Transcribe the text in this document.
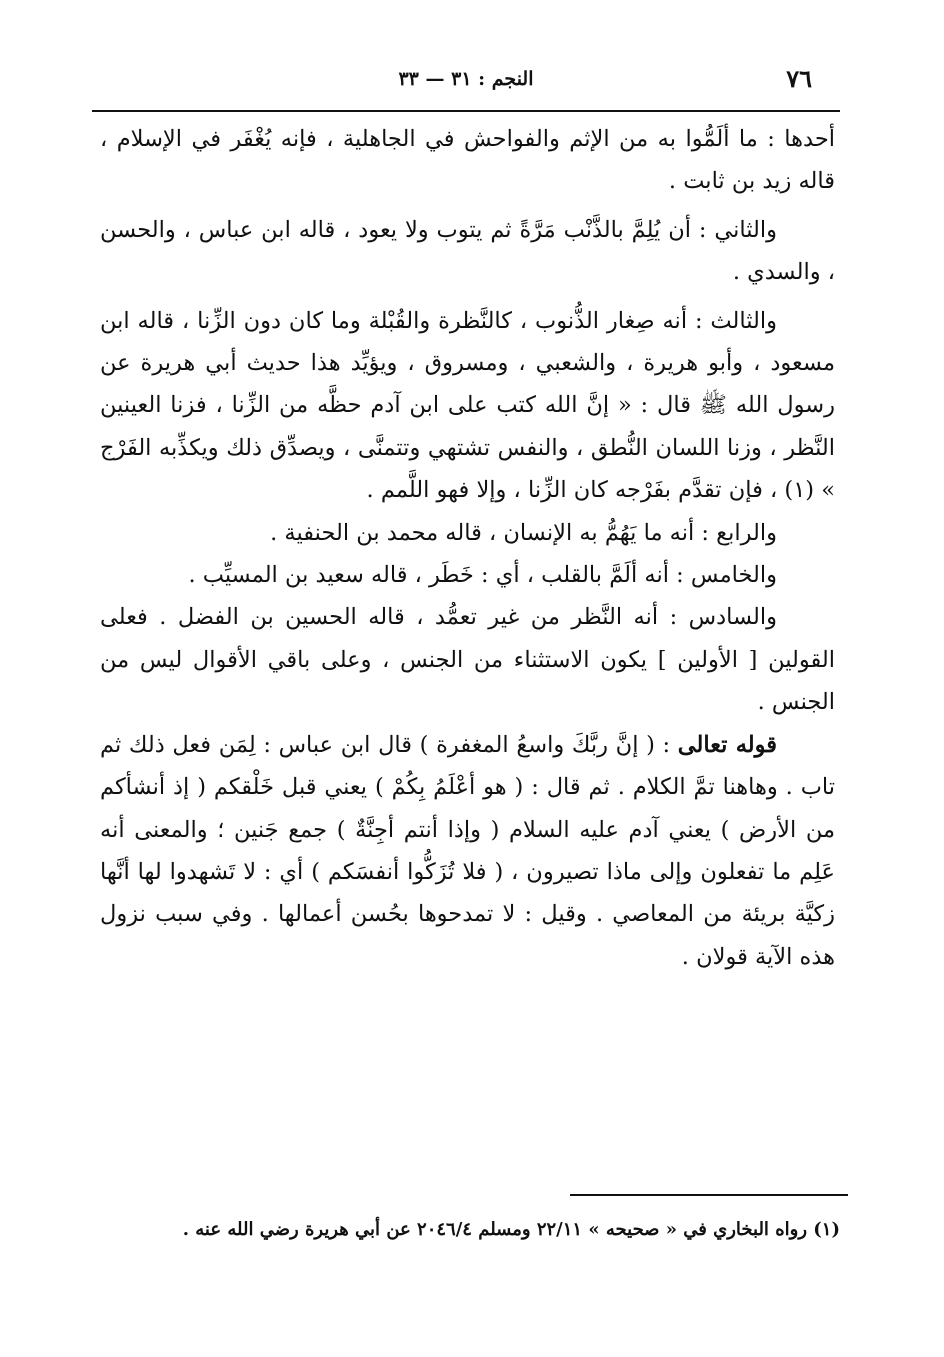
٧٦
النجم : ٣١ — ٣٣

أحدها : ما ألَمُّوا به من الإثم والفواحش في الجاهلية ، فإنه يُغْفَر في الإسلام ، قاله زيد بن ثابت .

والثاني : أن يُلِمَّ بالذَّنْب مَرَّةً ثم يتوب ولا يعود ، قاله ابن عباس ، والحسن ، والسدي .

والثالث : أنه صِغار الذُّنوب ، كالنَّظرة والقُبْلة وما كان دون الزِّنا ، قاله ابن مسعود ، وأبو هريرة ، والشعبي ، ومسروق ، ويؤيِّد هذا حديث أبي هريرة عن رسول الله ﷺ قال : « إنَّ الله كتب على ابن آدم حظَّه من الزِّنا ، فزنا العينين النَّظر ، وزنا اللسان النُّطق ، والنفس تشتهي وتتمنَّى ، ويصدِّق ذلك ويكذِّبه الفَرْج » (١) ، فإن تقدَّم بفَرْجه كان الزِّنا ، وإلا فهو اللَّمم .

والرابع : أنه ما يَهُمُّ به الإنسان ، قاله محمد بن الحنفية .

والخامس : أنه ألَمَّ بالقلب ، أي : خَطَر ، قاله سعيد بن المسيِّب .

والسادس : أنه النَّظر من غير تعمُّد ، قاله الحسين بن الفضل . فعلى القولين [ الأولين ] يكون الاستثناء من الجنس ، وعلى باقي الأقوال ليس من الجنس .

قوله تعالى : ( إنَّ ربَّكَ واسعُ المغفرة ) قال ابن عباس : لِمَن فعل ذلك ثم تاب . وهاهنا تمَّ الكلام . ثم قال : ( هو أعْلَمُ بِكُمْ ) يعني قبل خَلْقكم ( إذ أنشأكم من الأرض ) يعني آدم عليه السلام ( وإذا أنتم أجِنَّةٌ ) جمع جَنين ؛ والمعنى أنه عَلِم ما تفعلون وإلى ماذا تصيرون ، ( فلا تُزَكُّوا أنفسَكم ) أي : لا تَشهدوا لها أنَّها زكيَّة بريئة من المعاصي . وقيل : لا تمدحوها بحُسن أعمالها . وفي سبب نزول هذه الآية قولان .

(١) رواه البخاري في « صحيحه » ٢٢/١١ ومسلم ٢٠٤٦/٤ عن أبي هريرة رضي الله عنه .
